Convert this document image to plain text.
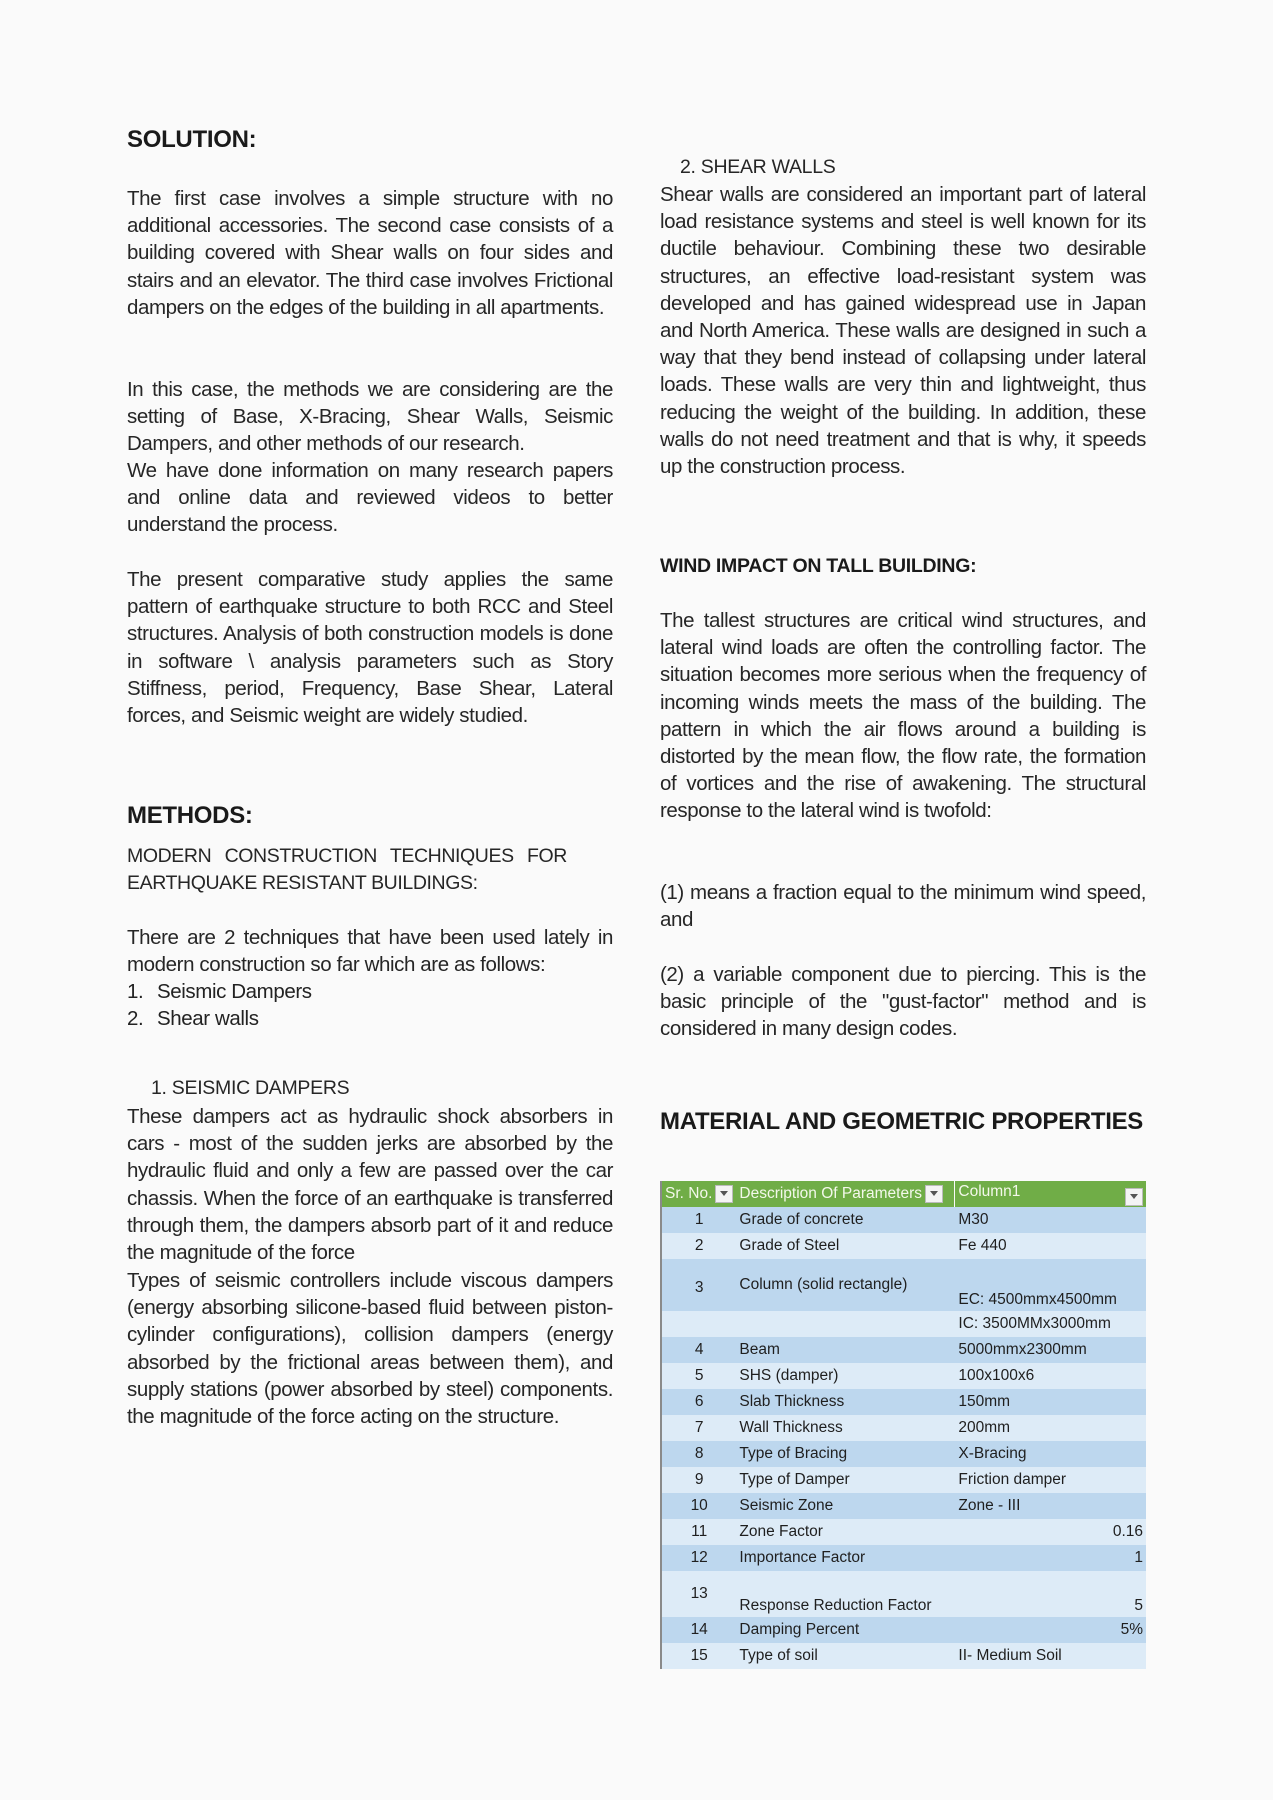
SOLUTION:

The first case involves a simple structure with no additional accessories. The second case consists of a building covered with Shear walls on four sides and stairs and an elevator. The third case involves Frictional dampers on the edges of the building in all apartments.

In this case, the methods we are considering are the setting of Base, X-Bracing, Shear Walls, Seismic Dampers, and other methods of our research.

We have done information on many research papers and online data and reviewed videos to better understand the process.

The present comparative study applies the same pattern of earthquake structure to both RCC and Steel structures. Analysis of both construction models is done in software \ analysis parameters such as Story Stiffness, period, Frequency, Base Shear, Lateral forces, and Seismic weight are widely studied.

METHODS:

MODERN CONSTRUCTION TECHNIQUES FOR EARTHQUAKE RESISTANT BUILDINGS:

There are 2 techniques that have been used lately in modern construction so far which are as follows:

1. Seismic Dampers
2. Shear walls

1. SEISMIC DAMPERS

These dampers act as hydraulic shock absorbers in cars - most of the sudden jerks are absorbed by the hydraulic fluid and only a few are passed over the car chassis. When the force of an earthquake is transferred through them, the dampers absorb part of it and reduce the magnitude of the force

Types of seismic controllers include viscous dampers (energy absorbing silicone-based fluid between piston-cylinder configurations), collision dampers (energy absorbed by the frictional areas between them), and supply stations (power absorbed by steel) components. the magnitude of the force acting on the structure.

2. SHEAR WALLS

Shear walls are considered an important part of lateral load resistance systems and steel is well known for its ductile behaviour. Combining these two desirable structures, an effective load-resistant system was developed and has gained widespread use in Japan and North America. These walls are designed in such a way that they bend instead of collapsing under lateral loads. These walls are very thin and lightweight, thus reducing the weight of the building. In addition, these walls do not need treatment and that is why, it speeds up the construction process.

WIND IMPACT ON TALL BUILDING:

The tallest structures are critical wind structures, and lateral wind loads are often the controlling factor. The situation becomes more serious when the frequency of incoming winds meets the mass of the building. The pattern in which the air flows around a building is distorted by the mean flow, the flow rate, the formation of vortices and the rise of awakening. The structural response to the lateral wind is twofold:

(1) means a fraction equal to the minimum wind speed, and

(2) a variable component due to piercing. This is the basic principle of the "gust-factor" method and is considered in many design codes.

MATERIAL AND GEOMETRIC PROPERTIES
Sr. No.	Description Of Parameters	Column1

1	Grade of concrete	M30
2	Grade of Steel	Fe 440
3	Column (solid rectangle)	EC: 4500mmx4500mm
		IC: 3500MMx3000mm
4	Beam	5000mmx2300mm
5	SHS (damper)	100x100x6
6	Slab Thickness	150mm
7	Wall Thickness	200mm
8	Type of Bracing	X-Bracing
9	Type of Damper	Friction damper
10	Seismic Zone	Zone - III
11	Zone Factor	0.16
12	Importance Factor	1
13	Response Reduction Factor	5
14	Damping Percent	5%
15	Type of soil	II- Medium Soil
